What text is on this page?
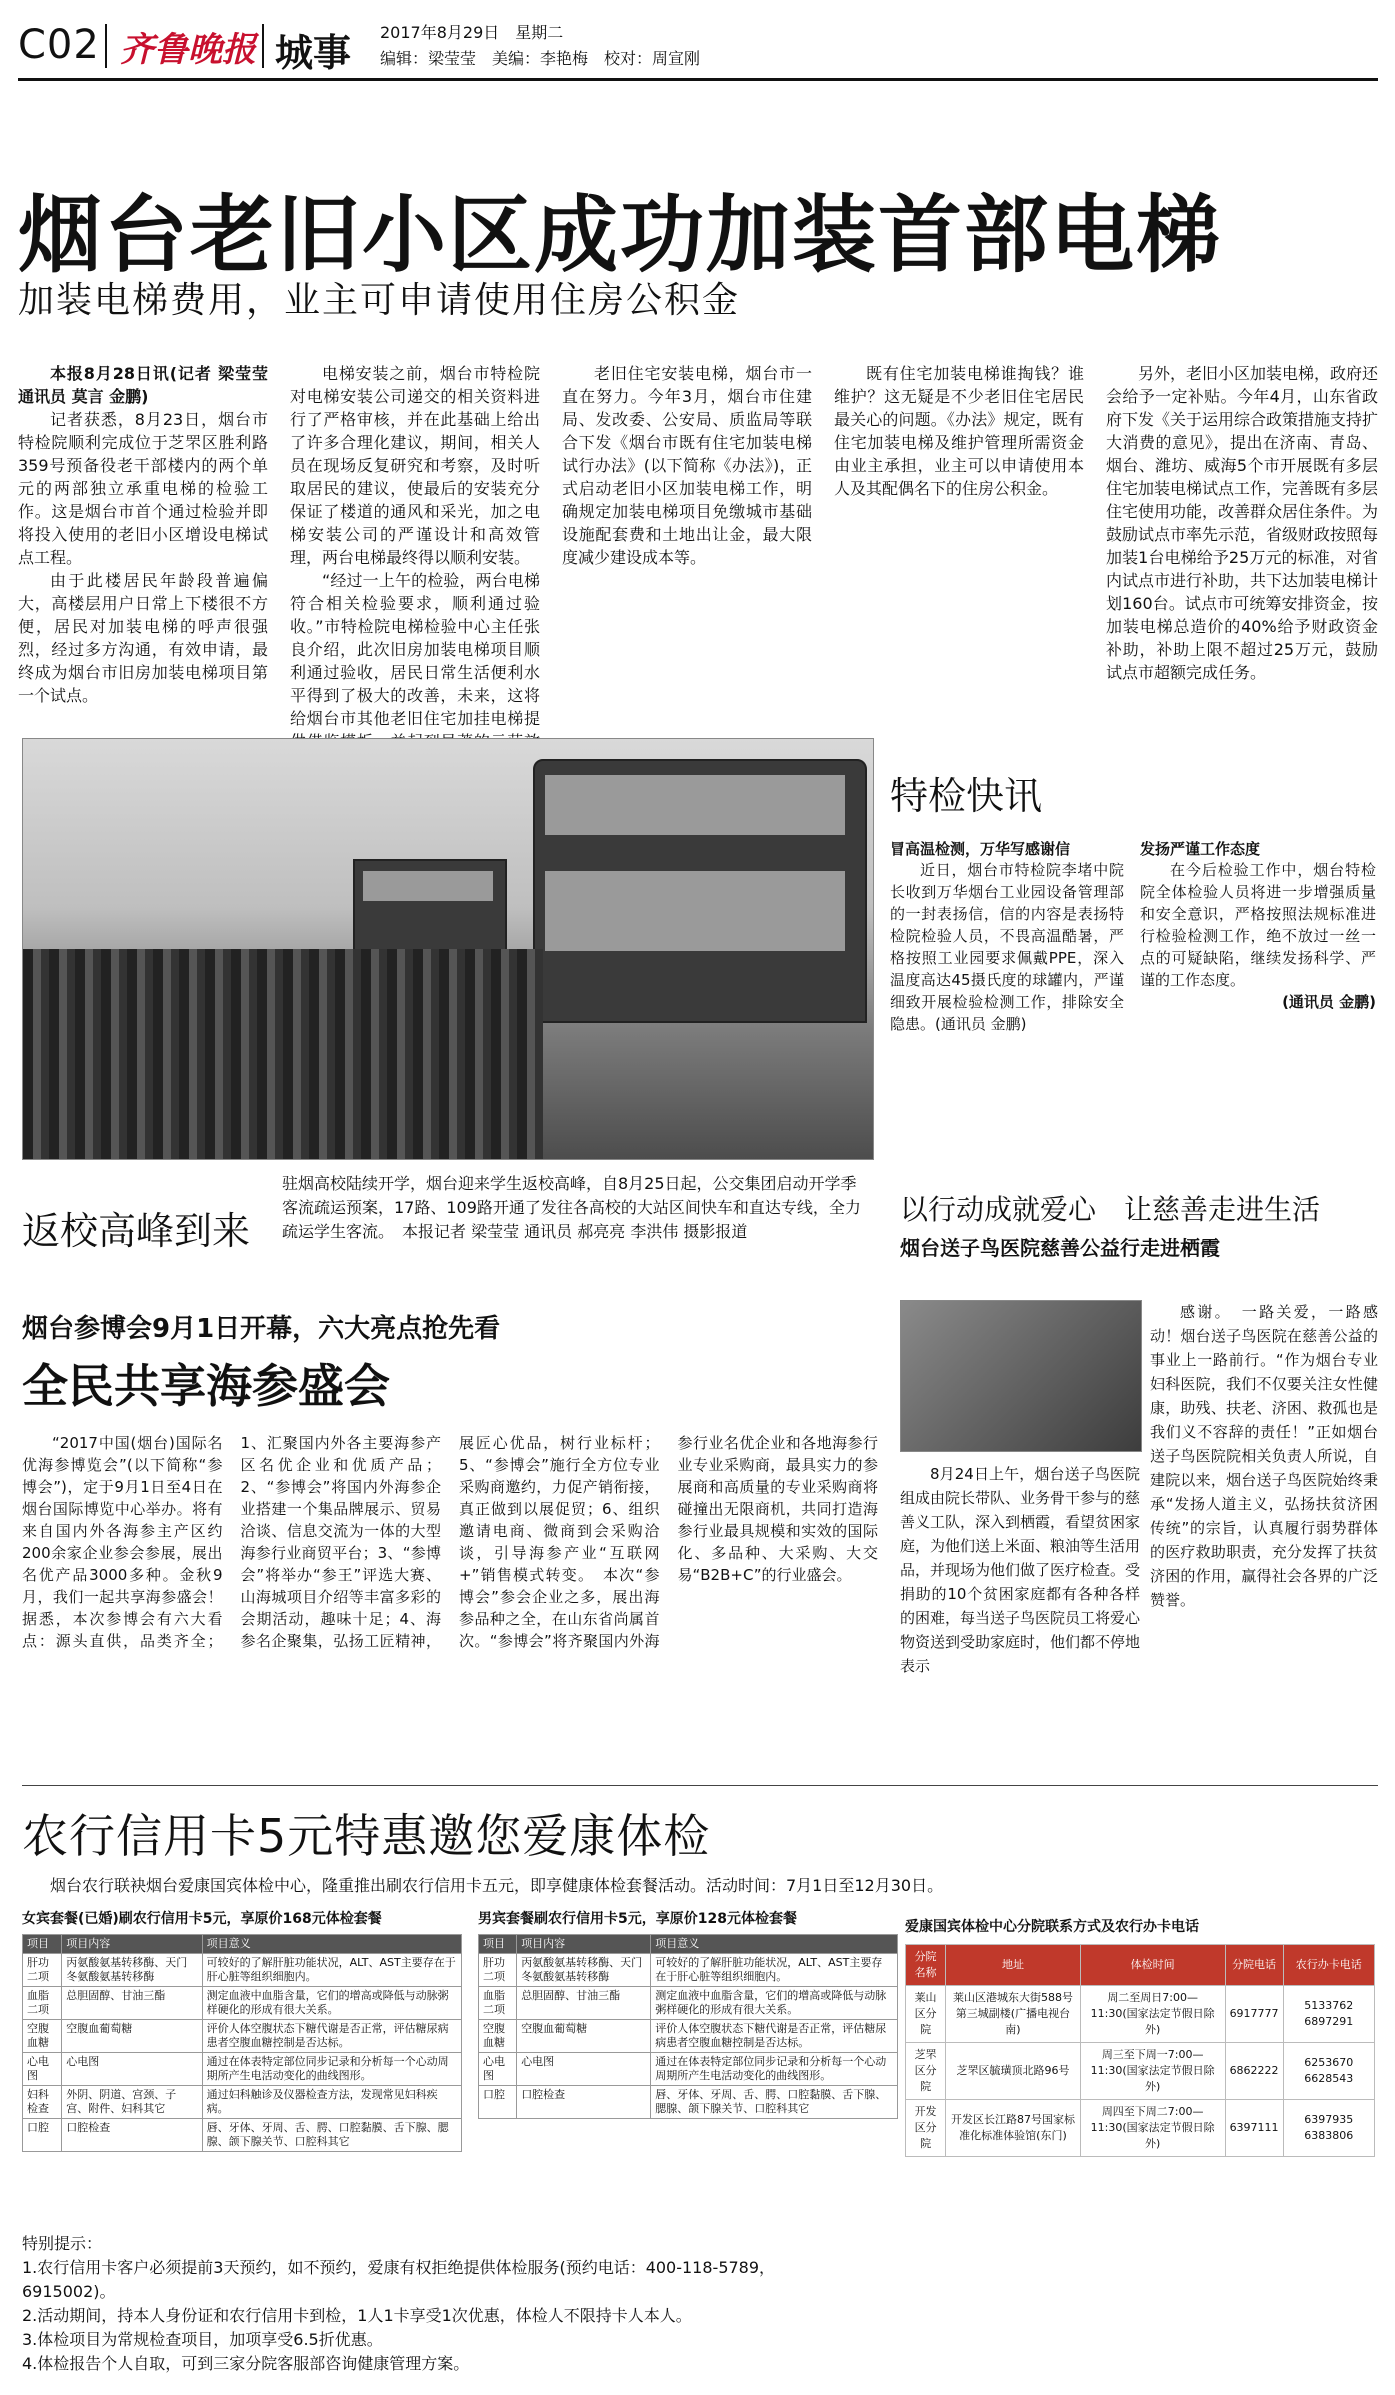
C02 齐鲁晚报 城事 2017年8月29日　星期二
编辑：梁莹莹　美编：李艳梅　校对：周宣刚
烟台老旧小区成功加装首部电梯
加装电梯费用，业主可申请使用住房公积金

本报8月28日讯(记者 梁莹莹 通讯员 莫言 金鹏)

记者获悉，8月23日，烟台市特检院顺利完成位于芝罘区胜利路359号预备役老干部楼内的两个单元的两部独立承重电梯的检验工作。这是烟台市首个通过检验并即将投入使用的老旧小区增设电梯试点工程。

由于此楼居民年龄段普遍偏大，高楼层用户日常上下楼很不方便，居民对加装电梯的呼声很强烈，经过多方沟通，有效申请，最终成为烟台市旧房加装电梯项目第一个试点。

电梯安装之前，烟台市特检院对电梯安装公司递交的相关资料进行了严格审核，并在此基础上给出了许多合理化建议，期间，相关人员在现场反复研究和考察，及时听取居民的建议，使最后的安装充分保证了楼道的通风和采光，加之电梯安装公司的严谨设计和高效管理，两台电梯最终得以顺利安装。

“经过一上午的检验，两台电梯符合相关检验要求，顺利通过验收。”市特检院电梯检验中心主任张良介绍，此次旧房加装电梯项目顺利通过验收，居民日常生活便利水平得到了极大的改善，未来，这将给烟台市其他老旧住宅加挂电梯提

老旧住宅安装电梯，烟台市一直在努力。今年3月，烟台市住建局、发改委、公安局、质监局等联合下发《烟台市既有住宅加装电梯试行办法》(以下简称《办法》)，正式启动老旧小区加装电梯工作，明确规定加装电梯项目免缴城市基础设施配套费和土地出让金，最大限度减少建设成本等。

既有住宅加装电梯谁掏钱？谁维护？这无疑是不少老旧住宅居民最关心的问题。《办法》规定，既有住宅加装电梯及维护管理所需资金由业主承担，业主可以申请使用本人及其配偶名下的住房公积金。

另外，老旧小区加装电梯，政府还会给予一定补贴。今年4月，山东省政府下发《关于运用综合政策措施支持扩大消费的意见》，提出在济南、青岛、烟台、潍坊、威海5个市开展既有多层住宅加装电梯试点工作，完善既有多层住宅使用功能，改善群众居住条件。为鼓励试点市率先示范，省级财政按照每加装1台电梯给予25万元的标准，对省内试点市进行补助，共下达加装电梯计划160台。试点市可统筹安排资金，按加装电梯总造价的40%给予财政资金补助，补助上限不超过25万元，鼓励试点市超额完成任务。

返校高峰到来
驻烟高校陆续开学，烟台迎来学生返校高峰，自8月25日起，公交集团启动开学季客流疏运预案，17路、109路开通了发往各高校的大站区间快车和直达专线，全力疏运学生客流。　本报记者 梁莹莹 通讯员 郝亮亮 李洪伟 摄影报道
特检快讯
冒高温检测，万华写感谢信

近日，烟台市特检院李堵中院长收到万华烟台工业园设备管理部的一封表扬信，信的内容是表扬特检院检验人员，不畏高温酷暑，严格按照工业园要求佩戴PPE，深入温度高达45摄氏度的球罐内，严谨细致开展检验检测工作，排除安全隐患。(通讯员 金鹏)

发扬严谨工作态度

在今后检验工作中，烟台特检院全体检验人员将进一步增强质量和安全意识，严格按照法规标准进行检验检测工作，绝不放过一丝一点的可疑缺陷，继续发扬科学、严谨的工作态度。

(通讯员 金鹏)
以行动成就爱心　让慈善走进生活
烟台送子鸟医院慈善公益行走进栖霞

感谢。　一路关爱，一路感动！烟台送子鸟医院在慈善公益的事业上一路前行。“作为烟台专业妇科医院，我们不仅要关注女性健康，助残、扶老、济困、救孤也是我们义不容辞的责任！”正如烟台送子鸟医院院相关负责人所说，自建院以来，烟台送子鸟医院始终秉承“发扬人道主义，弘扬扶贫济困传统”的宗旨，认真履行弱势群体的医疗救助职责，充分发挥了扶贫济困的作用，赢得社会各界的广泛赞誉。

8月24日上午，烟台送子鸟医院组成由院长带队、业务骨干参与的慈善义工队，深入到栖霞，看望贫困家庭，为他们送上米面、粮油等生活用品，并现场为他们做了医疗检查。受捐助的10个贫困家庭都有各种各样的困难，每当送子鸟医院员工将爱心物资送到受助家庭时，他们都不停地表示

烟台参博会9月1日开幕，六大亮点抢先看
全民共享海参盛会

“2017中国(烟台)国际名优海参博览会”(以下简称“参博会”)，定于9月1日至4日在烟台国际博览中心举办。将有来自国内外各海参主产区约200余家企业参会参展，展出名优产品3000多种。金秋9月，我们一起共享海参盛会！据悉，本次参博会有六大看点：源头直供，品类齐全；1、汇聚国内外各主要海参产区名优企业和优质产品；2、“参博会”将国内外海参企业搭建一个集品牌展示、贸易洽谈、信息交流为一体的大型海参行业商贸平台；3、“参博会”将举办“参王”评选大赛、山海城项目介绍等丰富多彩的会期活动，趣味十足；4、海参名企聚集，弘扬工匠精神，展匠心优品，树行业标杆；5、“参博会”施行全方位专业采购商邀约，力促产销衔接，真正做到以展促贸；6、组织邀请电商、微商到会采购洽谈，引导海参产业“互联网+”销售模式转变。　本次“参博会”参会企业之多，展出海参品种之全，在山东省尚属首次。“参博会”将齐聚国内外海参行业名优企业和各地海参行业专业采购商，最具实力的参展商和高质量的专业采购商将碰撞出无限商机，共同打造海参行业最具规模和实效的国际化、多品种、大采购、大交易“B2B+C”的行业盛会。

农行信用卡5元特惠邀您爱康体检
烟台农行联袂烟台爱康国宾体检中心，隆重推出刷农行信用卡五元，即享健康体检套餐活动。活动时间：7月1日至12月30日。
女宾套餐(已婚)刷农行信用卡5元，享原价168元体检套餐
项目	项目内容	项目意义
肝功二项	丙氨酸氨基转移酶、天门冬氨酸氨基转移酶	可较好的了解肝脏功能状况，ALT、AST主要存在于肝心脏等组织细胞内。
血脂二项	总胆固醇、甘油三酯	测定血液中血脂含量，它们的增高或降低与动脉粥样硬化的形成有很大关系。
空腹血糖	空腹血葡萄糖	评价人体空腹状态下糖代谢是否正常，评估糖尿病患者空腹血糖控制是否达标。
心电图	心电图	通过在体表特定部位同步记录和分析每一个心动周期所产生电活动变化的曲线图形。
妇科检查	外阴、阴道、宫颈、子宫、附件、妇科其它	通过妇科触诊及仪器检查方法，发现常见妇科疾病。
口腔	口腔检查	唇、牙体、牙周、舌、腭、口腔黏膜、舌下腺、腮腺、颌下腺关节、口腔科其它
男宾套餐刷农行信用卡5元，享原价128元体检套餐
项目	项目内容	项目意义
肝功二项	丙氨酸氨基转移酶、天门冬氨酸氨基转移酶	可较好的了解肝脏功能状况，ALT、AST主要存在于肝心脏等组织细胞内。
血脂二项	总胆固醇、甘油三酯	测定血液中血脂含量，它们的增高或降低与动脉粥样硬化的形成有很大关系。
空腹血糖	空腹血葡萄糖	评价人体空腹状态下糖代谢是否正常，评估糖尿病患者空腹血糖控制是否达标。
心电图	心电图	通过在体表特定部位同步记录和分析每一个心动周期所产生电活动变化的曲线图形。
口腔	口腔检查	唇、牙体、牙周、舌、腭、口腔黏膜、舌下腺、腮腺、颌下腺关节、口腔科其它
爱康国宾体检中心分院联系方式及农行办卡电话
分院名称	地址	体检时间	分院电话	农行办卡电话
莱山区分院	莱山区港城东大街588号第三城副楼(广播电视台南)	周二至周日7:00—11:30(国家法定节假日除外)	6917777	5133762　6897291
芝罘区分院	芝罘区毓璜顶北路96号	周三至下周一7:00—11:30(国家法定节假日除外)	6862222	6253670　6628543
开发区分院	开发区长江路87号国家标准化标准体验馆(东门)	周四至下周二7:00—11:30(国家法定节假日除外)	6397111	6397935　6383806
特别提示：
1.农行信用卡客户必须提前3天预约，如不预约，爱康有权拒绝提供体检服务(预约电话：400-118-5789，
6915002)。
2.活动期间，持本人身份证和农行信用卡到检，1人1卡享受1次优惠，体检人不限持卡人本人。
3.体检项目为常规检查项目，加项享受6.5折优惠。
4.体检报告个人自取，可到三家分院客服部咨询健康管理方案。
